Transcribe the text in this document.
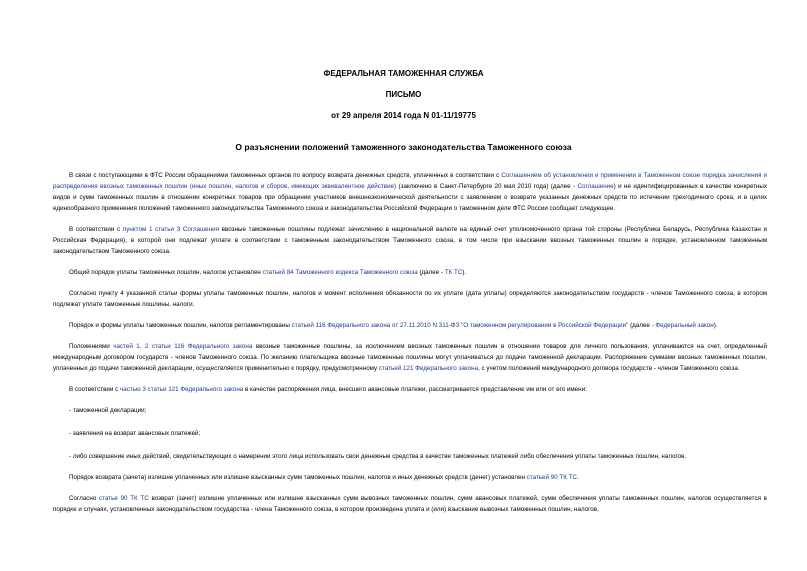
ФЕДЕРАЛЬНАЯ ТАМОЖЕННАЯ СЛУЖБА
ПИСЬМО
от 29 апреля 2014 года N 01-11/19775
О разъяснении положений таможенного законодательства Таможенного союза

В связи с поступающими в ФТС России обращениями таможенных органов по вопросу возврата денежных средств, уплаченных в соответствии с Соглашением об установлении и применении в Таможенном союзе порядка зачисления и распределения ввозных таможенных пошлин (иных пошлин, налогов и сборов, имеющих эквивалентное действие) (заключено в Санкт-Петербурге 20 мая 2010 года) (далее - Соглашение) и не идентифицированных в качестве конкретных видов и сумм таможенных пошлин в отношении конкретных товаров при обращении участников внешнеэкономической деятельности с заявлением о возврате указанных денежных средств по истечении трехгодичного срока, и в целях единообразного применения положений таможенного законодательства Таможенного союза и законодательства Российской Федерации о таможенном деле ФТС России сообщает следующее.

В соответствии с пунктом 1 статьи 3 Соглашения ввозные таможенные пошлины подлежат зачислению в национальной валюте на единый счет уполномоченного органа той стороны (Республика Беларусь, Республика Казахстан и Российская Федерация), в которой они подлежат уплате в соответствии с таможенным законодательством Таможенного союза, в том числе при взыскании ввозных таможенных пошлин в порядке, установленном таможенным законодательством Таможенного союза.

Общий порядок уплаты таможенных пошлин, налогов установлен статьей 84 Таможенного кодекса Таможенного союза (далее - ТК ТС).

Согласно пункту 4 указанной статьи формы уплаты таможенных пошлин, налогов и момент исполнения обязанности по их уплате (дата уплаты) определяются законодательством государств - членов Таможенного союза, в котором подлежат уплате таможенные пошлины, налоги.

Порядок и формы уплаты таможенных пошлин, налогов регламентированы статьей 116 Федерального закона от 27.11.2010 N 311-ФЗ "О таможенном регулировании в Российской Федерации" (далее - Федеральный закон).

Положениями частей 1, 2 статьи 116 Федерального закона ввозные таможенные пошлины, за исключением ввозных таможенных пошлин в отношении товаров для личного пользования, уплачиваются на счет, определенный международным договором государств - членов Таможенного союза. По желанию плательщика ввозные таможенные пошлины могут уплачиваться до подачи таможенной декларации. Распоряжение суммами ввозных таможенных пошлин, уплаченных до подачи таможенной декларации, осуществляется применительно к порядку, предусмотренному статьей 121 Федерального закона, с учетом положений международного договора государств - членов Таможенного союза.

В соответствии с частью 3 статьи 121 Федерального закона в качестве распоряжения лица, внесшего авансовые платежи, рассматривается представление им или от его имени:

- таможенной декларации;

- заявления на возврат авансовых платежей;

- либо совершение иных действий, свидетельствующих о намерении этого лица использовать свои денежные средства в качестве таможенных платежей либо обеспечения уплаты таможенных пошлин, налогов.

Порядок возврата (зачета) излишне уплаченных или излишне взысканных сумм таможенных пошлин, налогов и иных денежных средств (денег) установлен статьей 90 ТК ТС.

Согласно статье 90 ТК ТС возврат (зачет) излишне уплаченных или излишне взысканных сумм вывозных таможенных пошлин, сумм авансовых платежей, сумм обеспечения уплаты таможенных пошлин, налогов осуществляется в порядке и случаях, установленных законодательством государства - члена Таможенного союза, в котором произведена уплата и (или) взыскание вывозных таможенных пошлин, налогов,
